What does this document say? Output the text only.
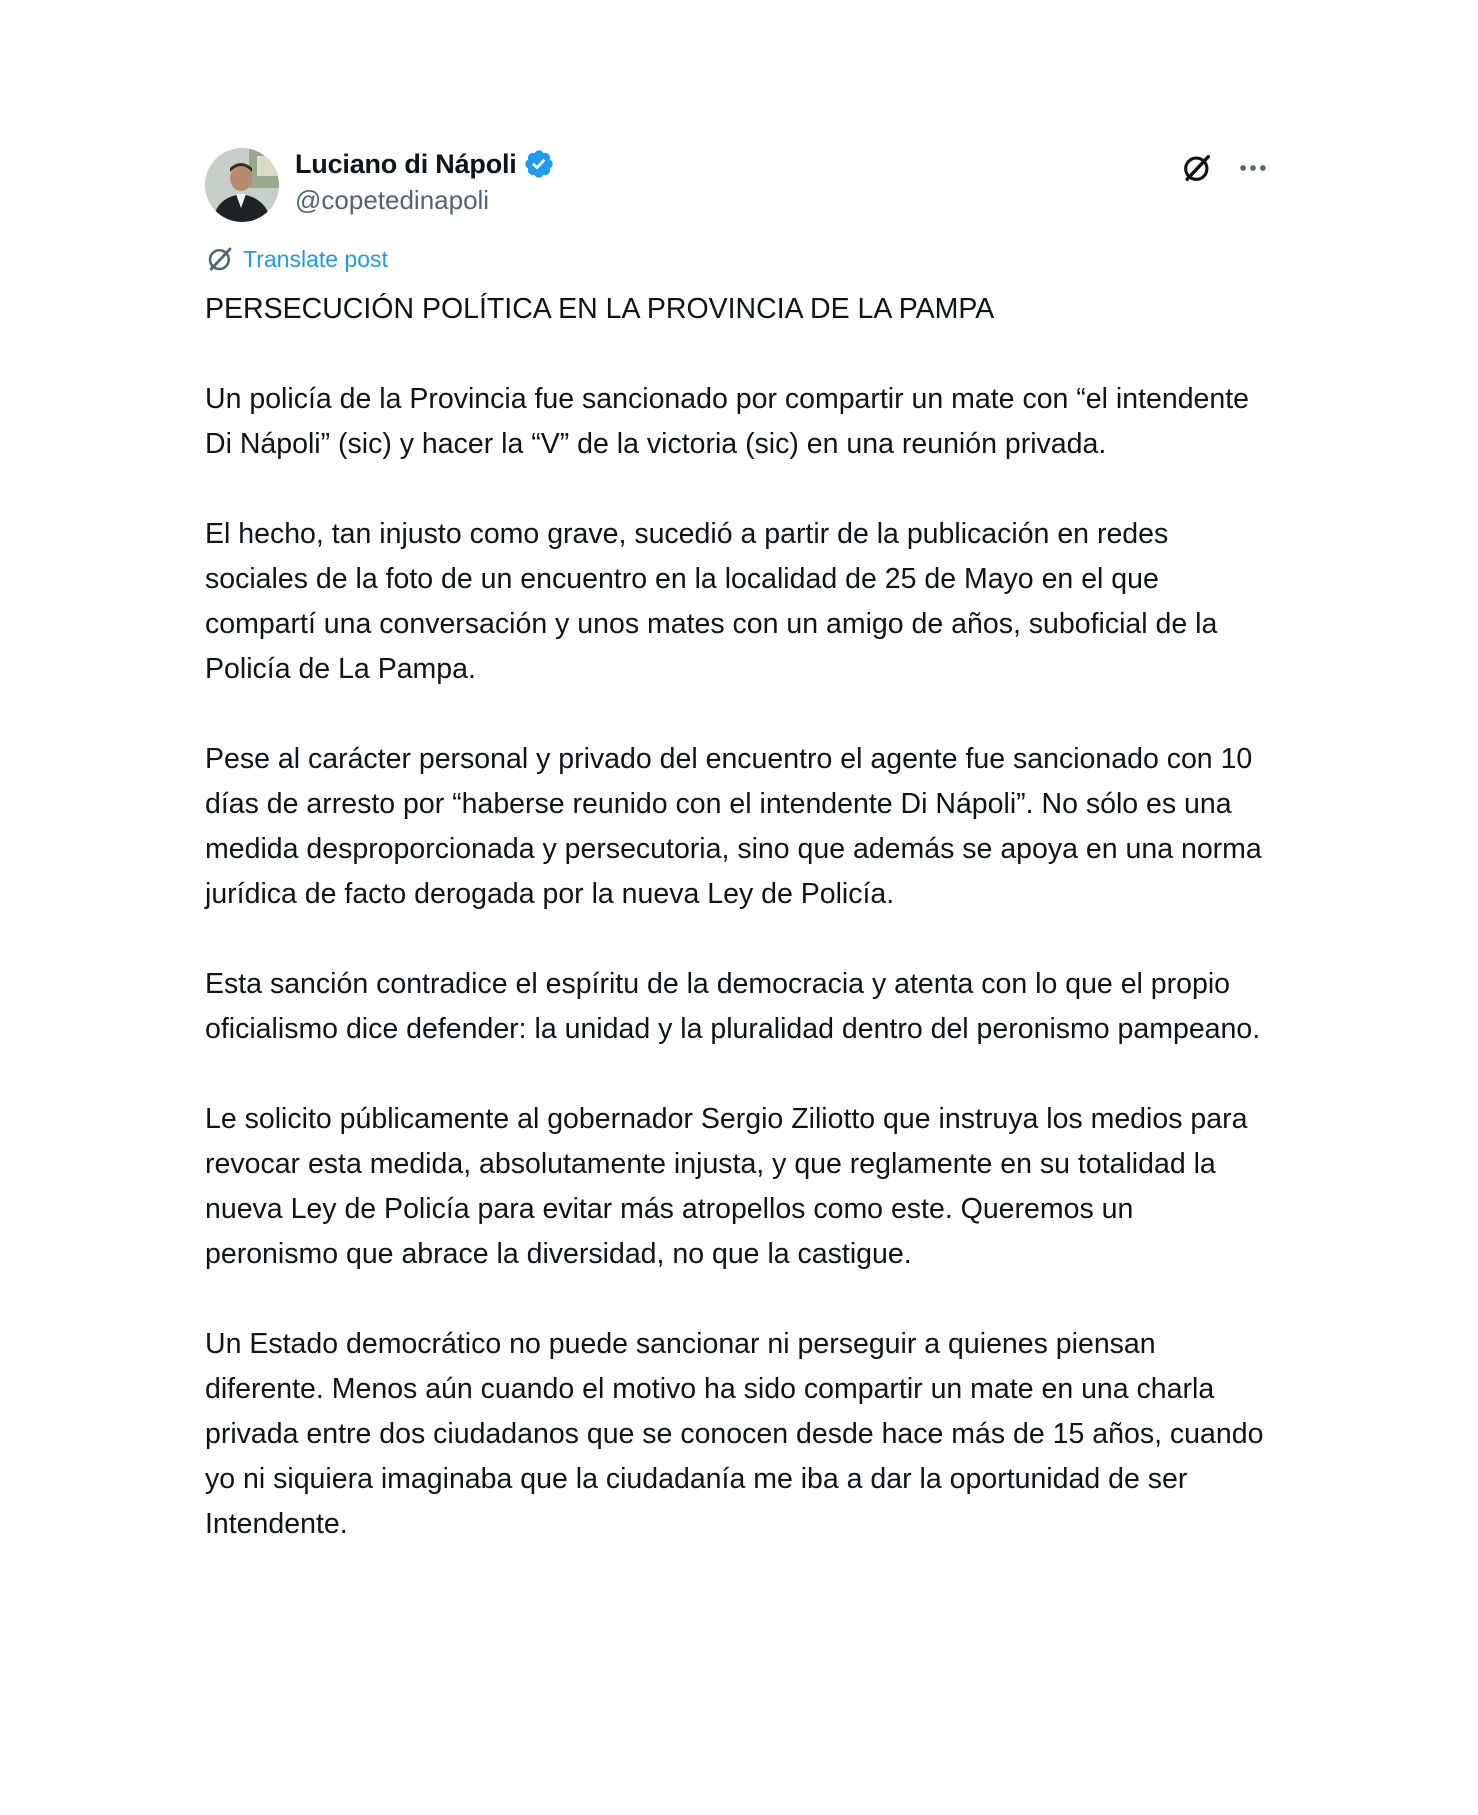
Luciano di Nápoli
@copetedinapoli
Translate post

PERSECUCIÓN POLÍTICA EN LA PROVINCIA DE LA PAMPA

Un policía de la Provincia fue sancionado por compartir un mate con “el intendente Di Nápoli” (sic) y hacer la “V” de la victoria (sic) en una reunión privada.

El hecho, tan injusto como grave, sucedió a partir de la publicación en redes sociales de la foto de un encuentro en la localidad de 25 de Mayo en el que compartí una conversación y unos mates con un amigo de años, suboficial de la Policía de La Pampa.

Pese al carácter personal y privado del encuentro el agente fue sancionado con 10 días de arresto por “haberse reunido con el intendente Di Nápoli”. No sólo es una medida desproporcionada y persecutoria, sino que además se apoya en una norma jurídica de facto derogada por la nueva Ley de Policía.

Esta sanción contradice el espíritu de la democracia y atenta con lo que el propio oficialismo dice defender: la unidad y la pluralidad dentro del peronismo pampeano.

Le solicito públicamente al gobernador Sergio Ziliotto que instruya los medios para revocar esta medida, absolutamente injusta, y que reglamente en su totalidad la nueva Ley de Policía para evitar más atropellos como este. Queremos un peronismo que abrace la diversidad, no que la castigue.

Un Estado democrático no puede sancionar ni perseguir a quienes piensan diferente. Menos aún cuando el motivo ha sido compartir un mate en una charla privada entre dos ciudadanos que se conocen desde hace más de 15 años, cuando yo ni siquiera imaginaba que la ciudadanía me iba a dar la oportunidad de ser Intendente.
